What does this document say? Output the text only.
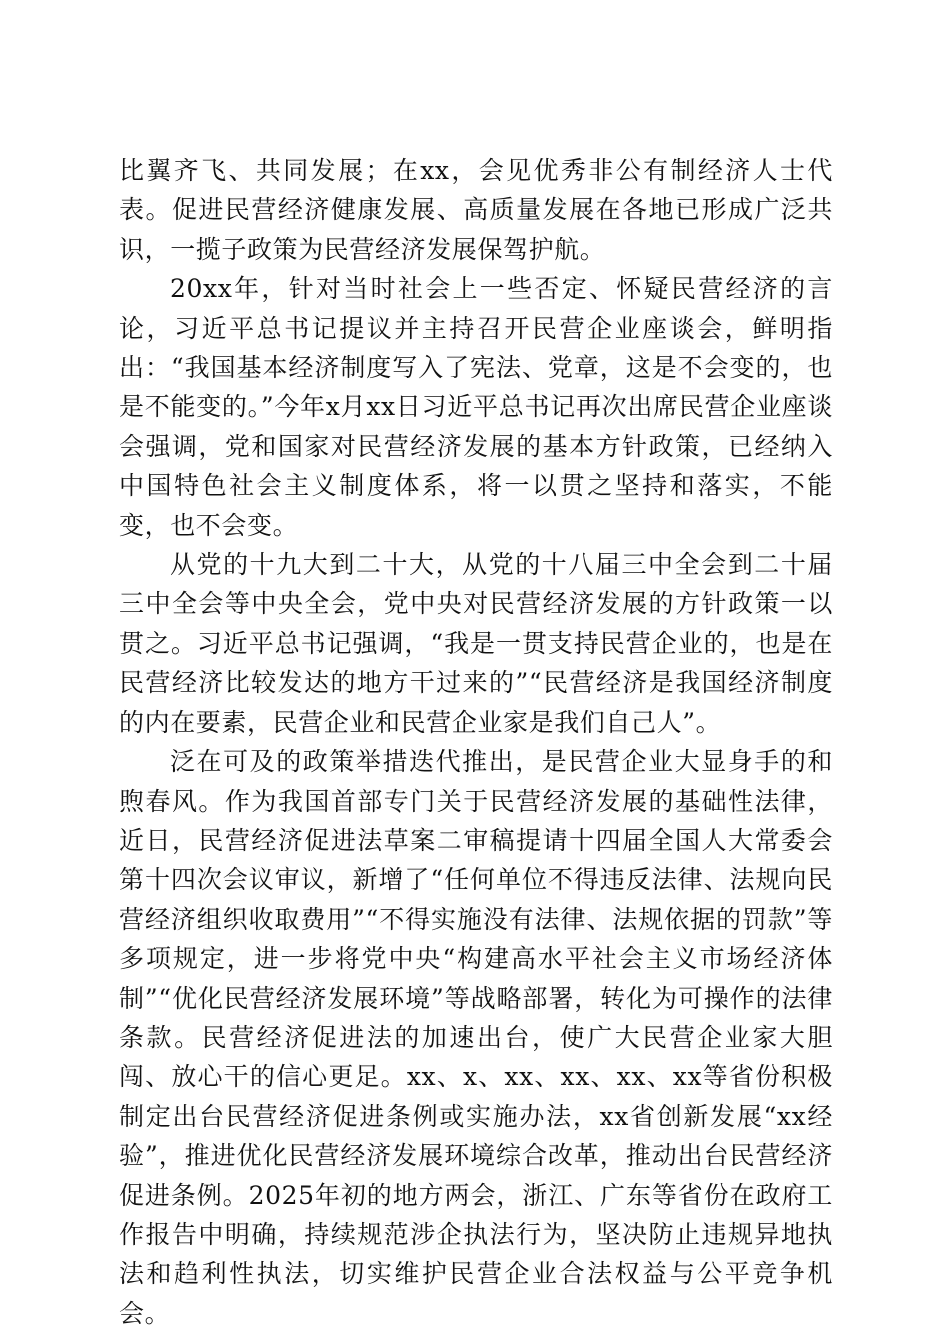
比翼齐飞、共同发展；在xx，会见优秀非公有制经济人士代表。促进民营经济健康发展、高质量发展在各地已形成广泛共识，一揽子政策为民营经济发展保驾护航。

20xx年，针对当时社会上一些否定、怀疑民营经济的言论，习近平总书记提议并主持召开民营企业座谈会，鲜明指出：“我国基本经济制度写入了宪法、党章，这是不会变的，也是不能变的。”今年x月xx日习近平总书记再次出席民营企业座谈会强调，党和国家对民营经济发展的基本方针政策，已经纳入中国特色社会主义制度体系，将一以贯之坚持和落实，不能变，也不会变。

从党的十九大到二十大，从党的十八届三中全会到二十届三中全会等中央全会，党中央对民营经济发展的方针政策一以贯之。习近平总书记强调，“我是一贯支持民营企业的，也是在民营经济比较发达的地方干过来的”“民营经济是我国经济制度的内在要素，民营企业和民营企业家是我们自己人”。

泛在可及的政策举措迭代推出，是民营企业大显身手的和煦春风。作为我国首部专门关于民营经济发展的基础性法律，近日，民营经济促进法草案二审稿提请十四届全国人大常委会第十四次会议审议，新增了“任何单位不得违反法律、法规向民营经济组织收取费用”“不得实施没有法律、法规依据的罚款”等多项规定，进一步将党中央“构建高水平社会主义市场经济体制”“优化民营经济发展环境”等战略部署，转化为可操作的法律条款。民营经济促进法的加速出台，使广大民营企业家大胆闯、放心干的信心更足。xx、x、xx、xx、xx、xx等省份积极制定出台民营经济促进条例或实施办法，xx省创新发展“xx经验”，推进优化民营经济发展环境综合改革，推动出台民营经济促进条例。2025年初的地方两会，浙江、广东等省份在政府工作报告中明确，持续规范涉企执法行为，坚决防止违规异地执法和趋利性执法，切实维护民营企业合法权益与公平竞争机会。
